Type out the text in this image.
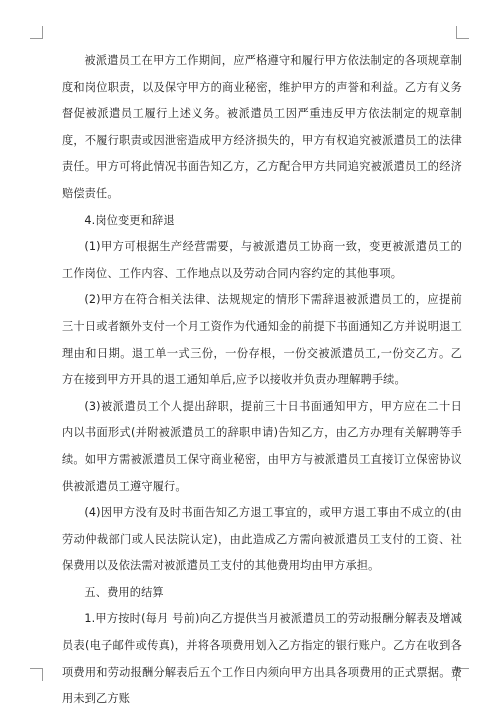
被派遣员工在甲方工作期间，应严格遵守和履行甲方依法制定的各项规章制度和岗位职责，以及保守甲方的商业秘密，维护甲方的声誉和利益。乙方有义务督促被派遣员工履行上述义务。被派遣员工因严重违反甲方依法制定的规章制度，不履行职责或因泄密造成甲方经济损失的，甲方有权追究被派遣员工的法律责任。甲方可将此情况书面告知乙方，乙方配合甲方共同追究被派遣员工的经济赔偿责任。

4.岗位变更和辞退

(1)甲方可根据生产经营需要，与被派遣员工协商一致，变更被派遣员工的工作岗位、工作内容、工作地点以及劳动合同内容约定的其他事项。

(2)甲方在符合相关法律、法规规定的情形下需辞退被派遣员工的，应提前三十日或者额外支付一个月工资作为代通知金的前提下书面通知乙方并说明退工理由和日期。退工单一式三份，一份存根，一份交被派遣员工,一份交乙方。乙方在接到甲方开具的退工通知单后,应予以接收并负责办理解聘手续。

(3)被派遣员工个人提出辞职，提前三十日书面通知甲方，甲方应在二十日内以书面形式(并附被派遣员工的辞职申请)告知乙方，由乙方办理有关解聘等手续。如甲方需被派遣员工保守商业秘密，由甲方与被派遣员工直接订立保密协议供被派遣员工遵守履行。

(4)因甲方没有及时书面告知乙方退工事宜的，或甲方退工事由不成立的(由劳动仲裁部门或人民法院认定)，由此造成乙方需向被派遣员工支付的工资、社保费用以及依法需对被派遣员工支付的其他费用均由甲方承担。

五、费用的结算

1.甲方按时(每月 号前)向乙方提供当月被派遣员工的劳动报酬分解表及增减员表(电子邮件或传真)，并将各项费用划入乙方指定的银行账户。乙方在收到各项费用和劳动报酬分解表后五个工作日内须向甲方出具各项费用的正式票据。费用未到乙方账
